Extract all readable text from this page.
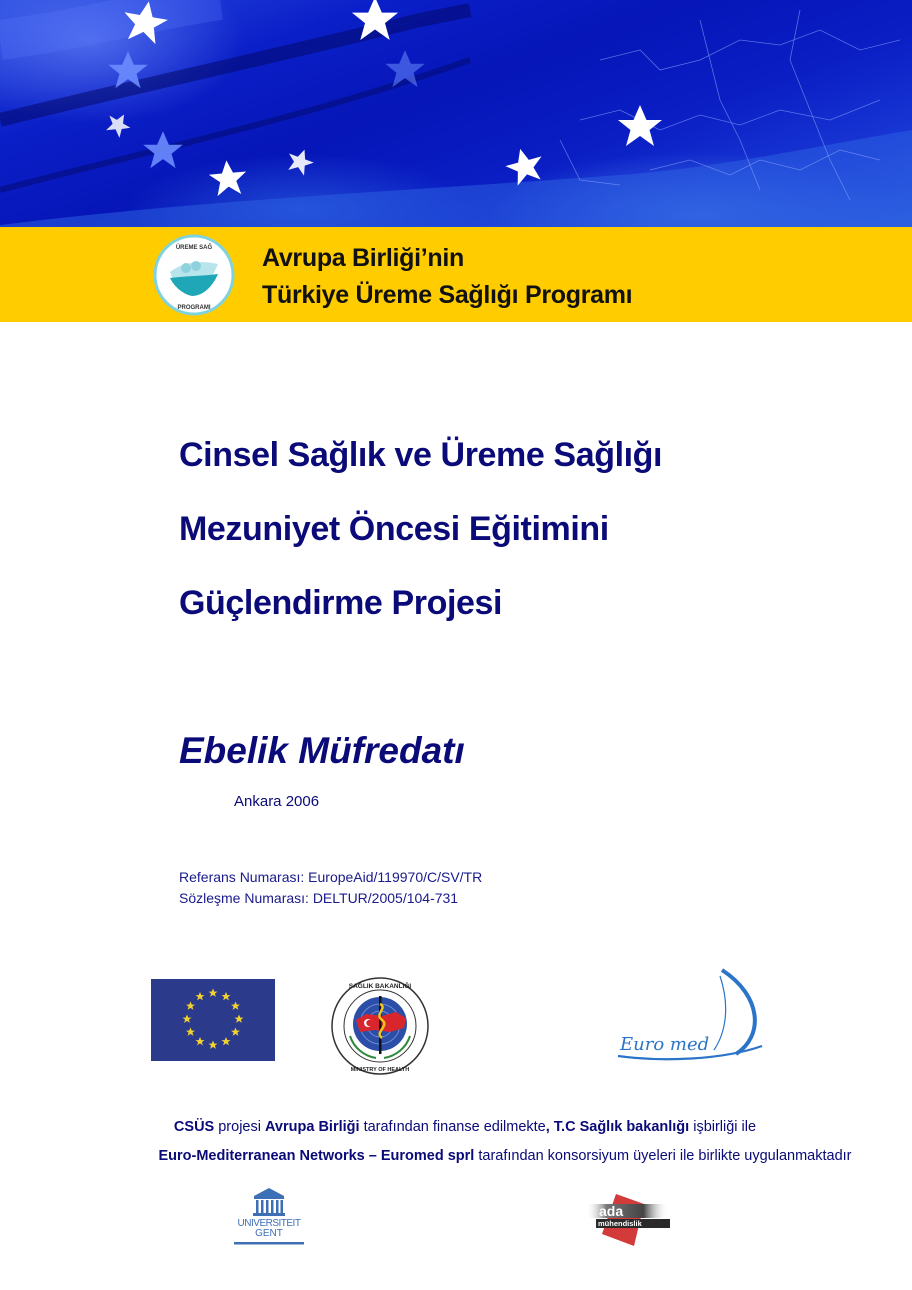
ÜREME SAĞ
PROGRAMI
Avrupa Birliği’nin
Türkiye Üreme Sağlığı Programı
Cinsel Sağlık ve Üreme Sağlığı
Mezuniyet Öncesi Eğitimini
Güçlendirme Projesi
Ebelik Müfredatı
Ankara 2006
Referans Numarası: EuropeAid/119970/C/SV/TR
Sözleşme Numarası: DELTUR/2005/104-731
SAĞLIK BAKANLIĞI
MINISTRY OF HEALTH
Euro med
CSÜS projesi Avrupa Birliği tarafından finanse edilmekte, T.C Sağlık bakanlığı işbirliği ile
Euro-Mediterranean Networks – Euromed sprl tarafından konsorsiyum üyeleri ile birlikte uygulanmaktadır
UNIVERSITEIT
GENT
ada
mühendislik
